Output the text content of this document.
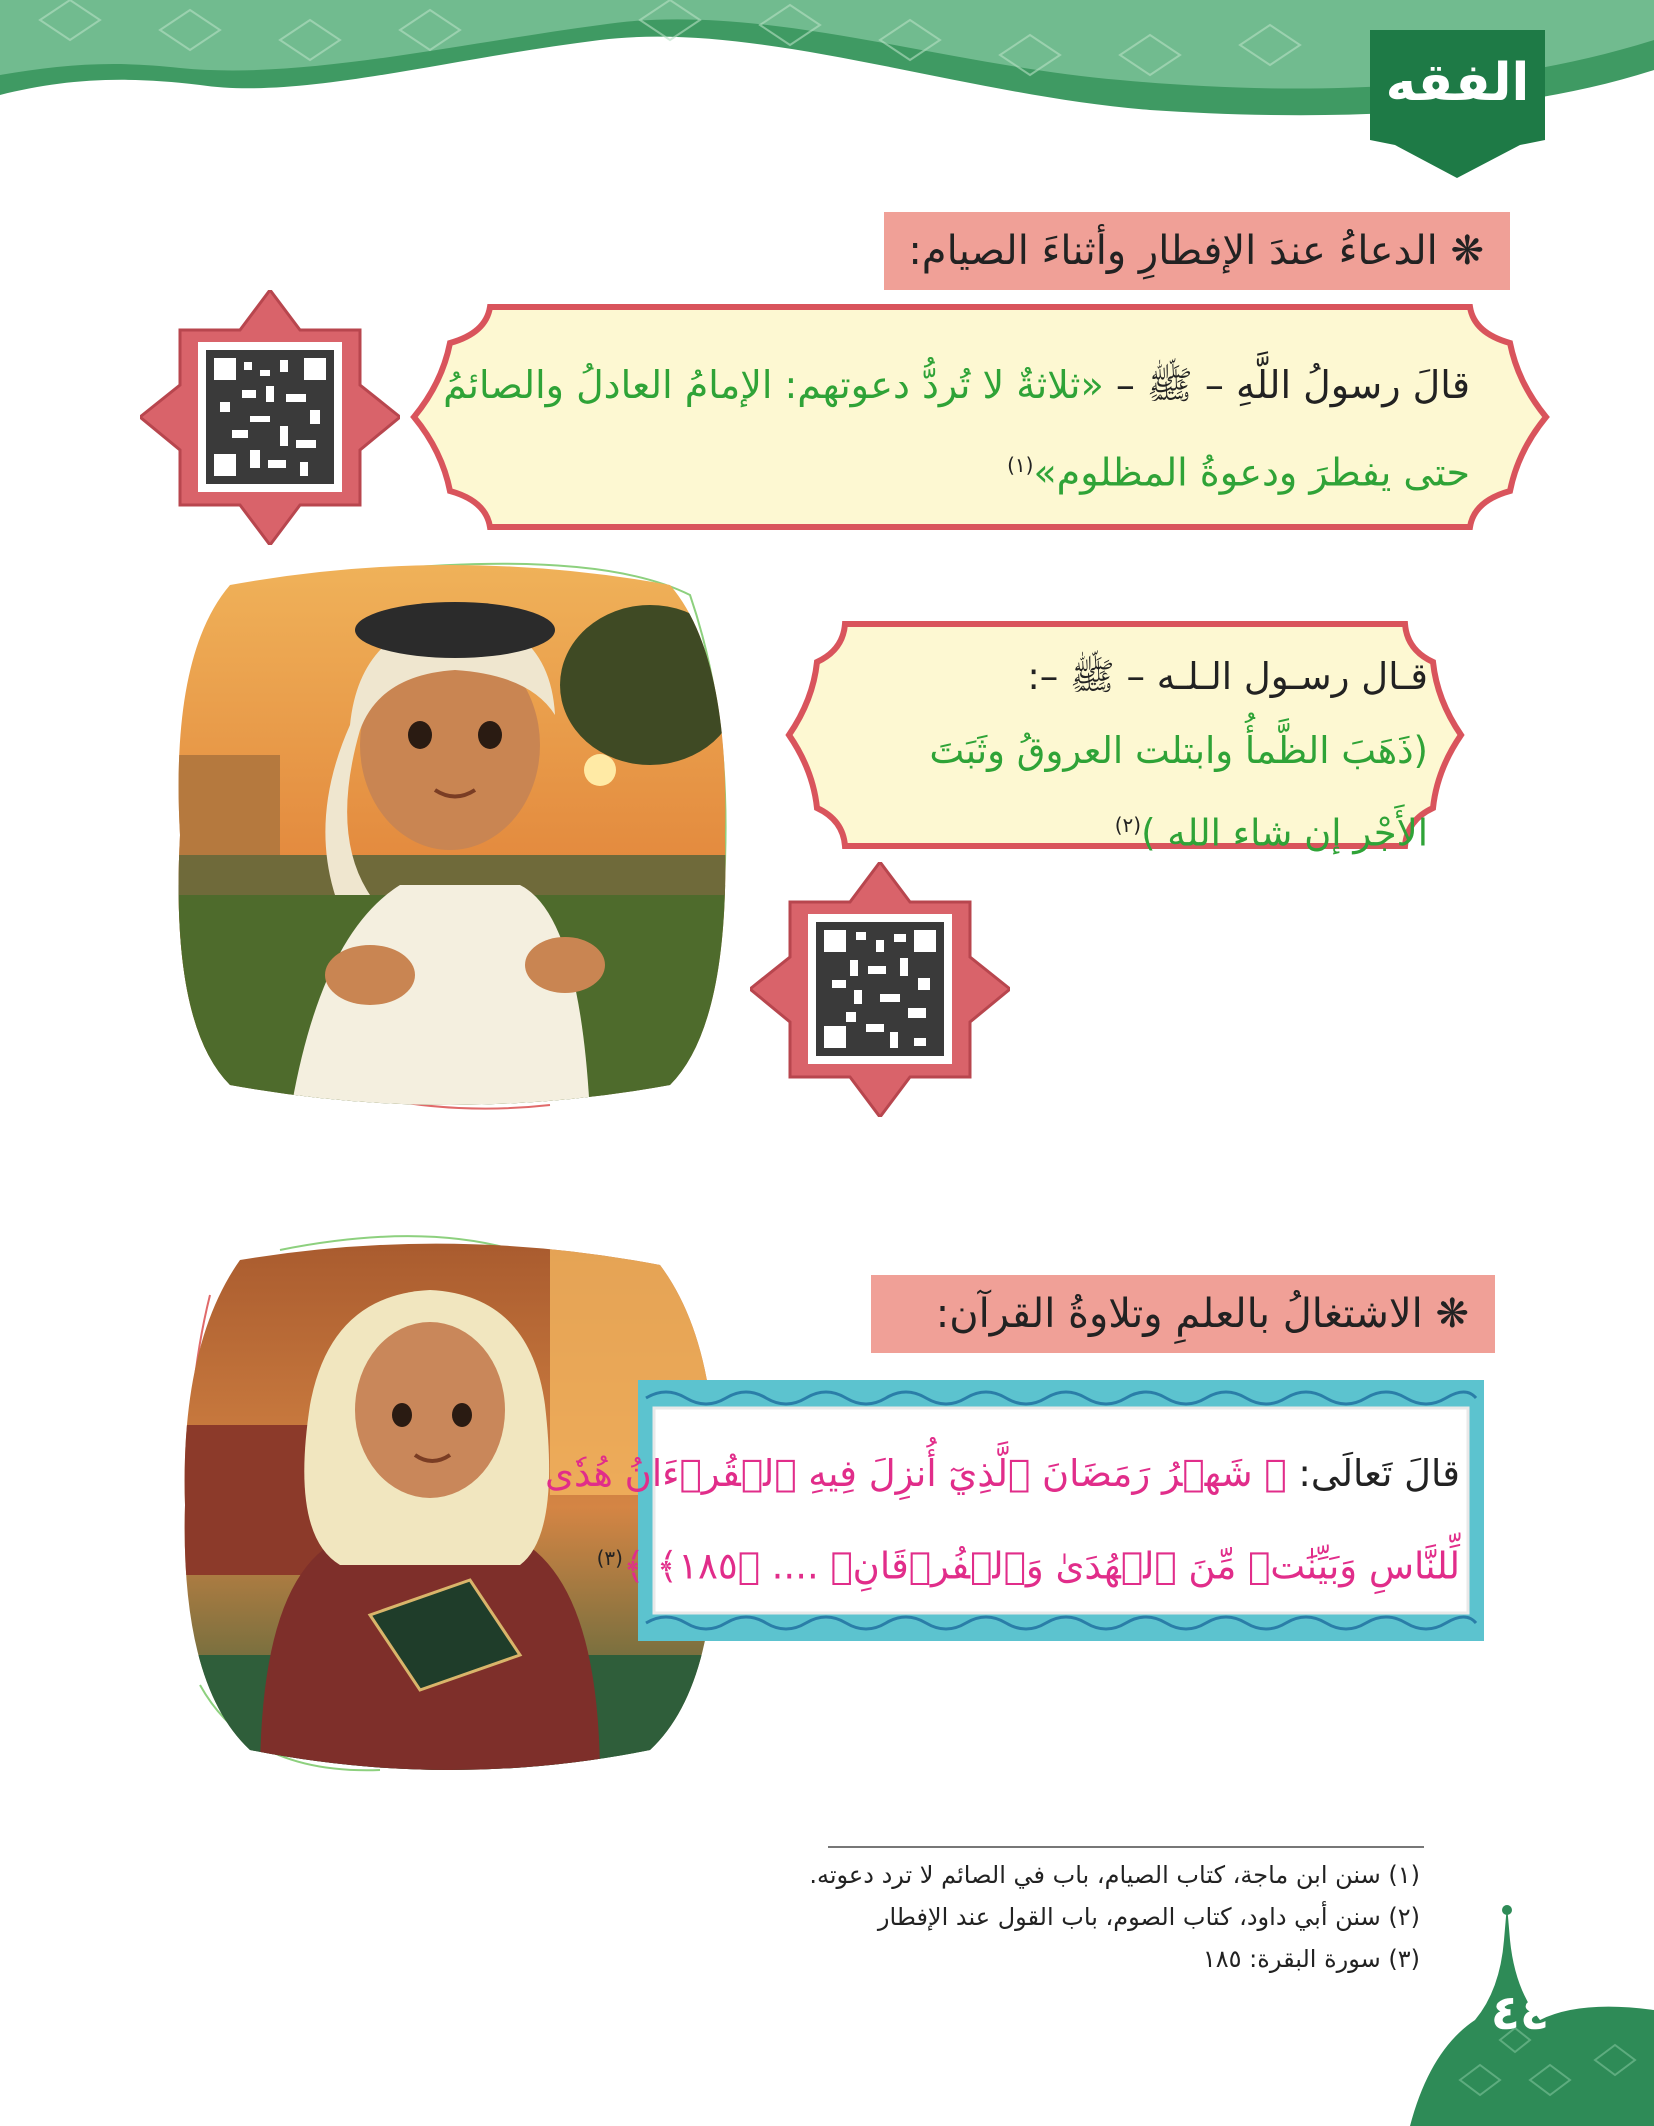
الفقه
❋ الدعاءُ عندَ الإفطارِ وأثناءَ الصيام:
قالَ رسولُ اللَّهِ – ﷺ – «ثلاثةٌ لا تُردُّ دعوتهم: الإمامُ العادلُ والصائمُ
حتى يفطرَ ودعوةُ المظلوم»$^{(١)}$
قـال رسـول الـلـه – ﷺ –:
(ذَهَبَ الظَّمأُ وابتلت العروقُ وثَبَتَ
الأَجْر إن شاء الله )$^{(٢)}$
❋ الاشتغالُ بالعلمِ وتلاوةُ القرآن:
قالَ تَعالَى: ﴿ شَهۡرُ رَمَضَانَ ٱلَّذِيٓ أُنزِلَ فِيهِ ٱلۡقُرۡءَانُ هُدٗى
لِّلنَّاسِ وَبَيِّنَٰتٖ مِّنَ ٱلۡهُدَىٰ وَٱلۡفُرۡقَانِۚ .... ﴿١٨٥﴾ ﴾$^{(٣)}$
(١) سنن ابن ماجة، كتاب الصيام، باب في الصائم لا ترد دعوته.
(٢) سنن أبي داود، كتاب الصوم، باب القول عند الإفطار
(٣) سورة البقرة: ١٨٥
٤٤
